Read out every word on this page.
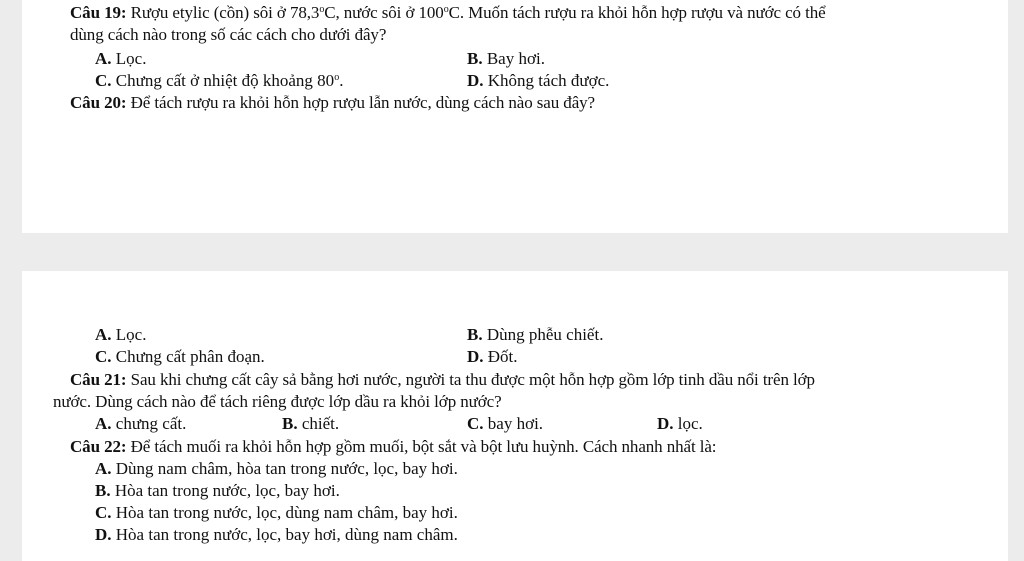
Câu 19: Rượu etylic (cồn) sôi ở 78,3$^o$C, nước sôi ở 100$^o$C. Muốn tách rượu ra khỏi hỗn hợp rượu và nước có thể
dùng cách nào trong số các cách cho dưới đây?
A. Lọc.	B. Bay hơi.
C. Chưng cất ở nhiệt độ khoảng 80$^o$.	D. Không tách được.
Câu 20: Để tách rượu ra khỏi hỗn hợp rượu lẫn nước, dùng cách nào sau đây?
A. Lọc.	B. Dùng phễu chiết.
C. Chưng cất phân đoạn.	D. Đốt.
Câu 21: Sau khi chưng cất cây sả bằng hơi nước, người ta thu được một hỗn hợp gồm lớp tinh dầu nổi trên lớp
nước. Dùng cách nào để tách riêng được lớp dầu ra khỏi lớp nước?
A. chưng cất.	B. chiết.	C. bay hơi.	D. lọc.
Câu 22: Để tách muối ra khỏi hỗn hợp gồm muối, bột sắt và bột lưu huỳnh. Cách nhanh nhất là:
A. Dùng nam châm, hòa tan trong nước, lọc, bay hơi.
B. Hòa tan trong nước, lọc, bay hơi.
C. Hòa tan trong nước, lọc, dùng nam châm, bay hơi.
D. Hòa tan trong nước, lọc, bay hơi, dùng nam châm.
